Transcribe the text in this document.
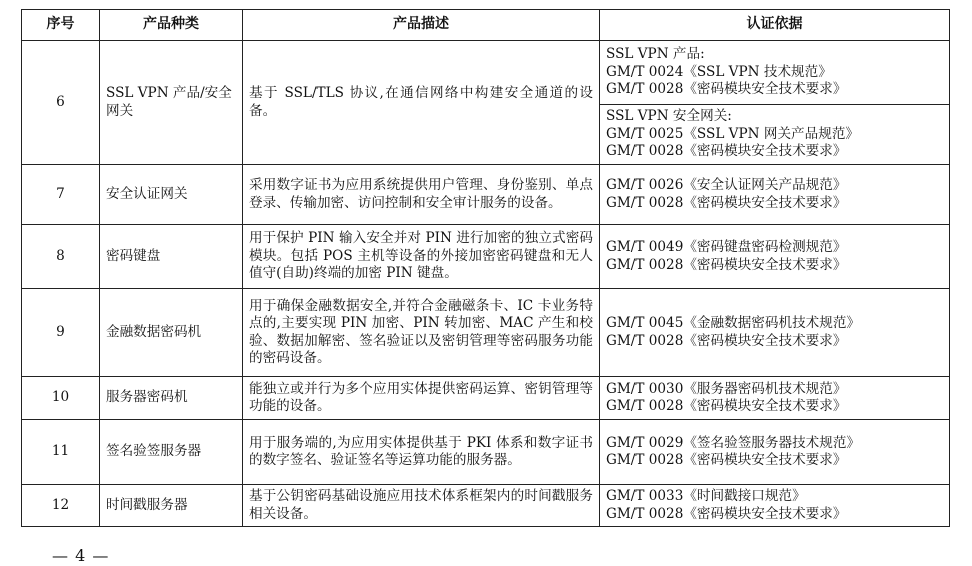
序号	产品种类	产品描述	认证依据
6	SSL VPN 产品/安全网关	基于 SSL/TLS 协议,在通信网络中构建安全通道的设备。	SSL VPN 产品:
GM/T 0024《SSL VPN 技术规范》
GM/T 0028《密码模块安全技术要求》

			SSL VPN 安全网关:
GM/T 0025《SSL VPN 网关产品规范》
GM/T 0028《密码模块安全技术要求》

7	安全认证网关	采用数字证书为应用系统提供用户管理、身份鉴别、单点登录、传输加密、访问控制和安全审计服务的设备。	GM/T 0026《安全认证网关产品规范》
GM/T 0028《密码模块安全技术要求》

8	密码键盘	用于保护 PIN 输入安全并对 PIN 进行加密的独立式密码模块。包括 POS 主机等设备的外接加密密码键盘和无人值守(自助)终端的加密 PIN 键盘。	GM/T 0049《密码键盘密码检测规范》
GM/T 0028《密码模块安全技术要求》

9	金融数据密码机	用于确保金融数据安全,并符合金融磁条卡、IC 卡业务特点的,主要实现 PIN 加密、PIN 转加密、MAC 产生和校验、数据加解密、签名验证以及密钥管理等密码服务功能的密码设备。	GM/T 0045《金融数据密码机技术规范》
GM/T 0028《密码模块安全技术要求》

10	服务器密码机	能独立或并行为多个应用实体提供密码运算、密钥管理等功能的设备。	GM/T 0030《服务器密码机技术规范》
GM/T 0028《密码模块安全技术要求》

11	签名验签服务器	用于服务端的,为应用实体提供基于 PKI 体系和数字证书的数字签名、验证签名等运算功能的服务器。	GM/T 0029《签名验签服务器技术规范》
GM/T 0028《密码模块安全技术要求》

12	时间戳服务器	基于公钥密码基础设施应用技术体系框架内的时间戳服务相关设备。	GM/T 0033《时间戳接口规范》
GM/T 0028《密码模块安全技术要求》
— 4 —
